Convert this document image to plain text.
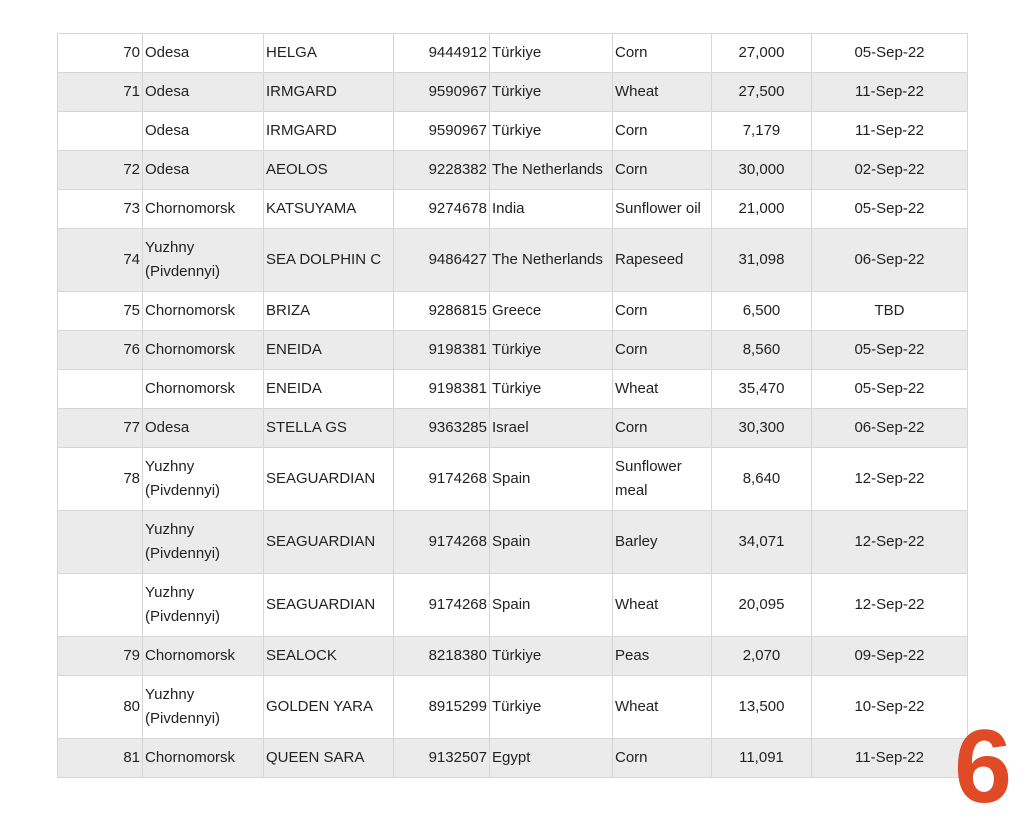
70	Odesa	HELGA	9444912	Türkiye	Corn	27,000	05-Sep-22
71	Odesa	IRMGARD	9590967	Türkiye	Wheat	27,500	11-Sep-22
	Odesa	IRMGARD	9590967	Türkiye	Corn	7,179	11-Sep-22
72	Odesa	AEOLOS	9228382	The Netherlands	Corn	30,000	02-Sep-22
73	Chornomorsk	KATSUYAMA	9274678	India	Sunflower oil	21,000	05-Sep-22
74	Yuzhny (Pivdennyi)	SEA DOLPHIN C	9486427	The Netherlands	Rapeseed	31,098	06-Sep-22
75	Chornomorsk	BRIZA	9286815	Greece	Corn	6,500	TBD
76	Chornomorsk	ENEIDA	9198381	Türkiye	Corn	8,560	05-Sep-22
	Chornomorsk	ENEIDA	9198381	Türkiye	Wheat	35,470	05-Sep-22
77	Odesa	STELLA GS	9363285	Israel	Corn	30,300	06-Sep-22
78	Yuzhny (Pivdennyi)	SEAGUARDIAN	9174268	Spain	Sunflower meal	8,640	12-Sep-22
	Yuzhny (Pivdennyi)	SEAGUARDIAN	9174268	Spain	Barley	34,071	12-Sep-22
	Yuzhny (Pivdennyi)	SEAGUARDIAN	9174268	Spain	Wheat	20,095	12-Sep-22
79	Chornomorsk	SEALOCK	8218380	Türkiye	Peas	2,070	09-Sep-22
80	Yuzhny (Pivdennyi)	GOLDEN YARA	8915299	Türkiye	Wheat	13,500	10-Sep-22
81	Chornomorsk	QUEEN SARA	9132507	Egypt	Corn	11,091	11-Sep-22 6
